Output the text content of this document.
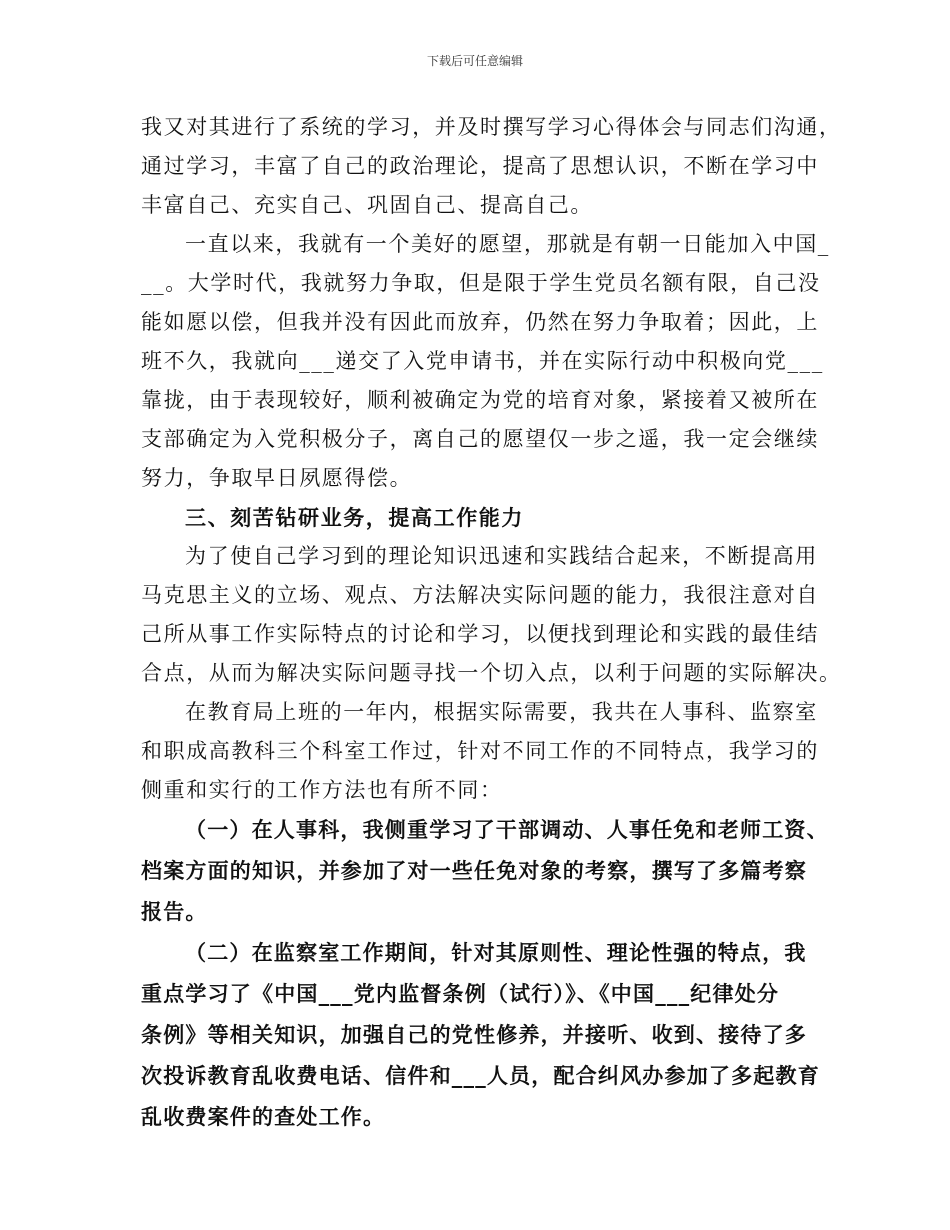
下载后可任意编辑
我又对其进行了系统的学习，并及时撰写学习心得体会与同志们沟通，
通过学习，丰富了自己的政治理论，提高了思想认识，不断在学习中
丰富自己、充实自己、巩固自己、提高自己。
一直以来，我就有一个美好的愿望，那就是有朝一日能加入中国_
__。大学时代，我就努力争取，但是限于学生党员名额有限，自己没
能如愿以偿，但我并没有因此而放弃，仍然在努力争取着；因此，上
班不久，我就向___递交了入党申请书，并在实际行动中积极向党___
靠拢，由于表现较好，顺利被确定为党的培育对象，紧接着又被所在
支部确定为入党积极分子，离自己的愿望仅一步之遥，我一定会继续
努力，争取早日夙愿得偿。
三、刻苦钻研业务，提高工作能力
为了使自己学习到的理论知识迅速和实践结合起来，不断提高用
马克思主义的立场、观点、方法解决实际问题的能力，我很注意对自
己所从事工作实际特点的讨论和学习，以便找到理论和实践的最佳结
合点，从而为解决实际问题寻找一个切入点，以利于问题的实际解决。
在教育局上班的一年内，根据实际需要，我共在人事科、监察室
和职成高教科三个科室工作过，针对不同工作的不同特点，我学习的
侧重和实行的工作方法也有所不同：
（一）在人事科，我侧重学习了干部调动、人事任免和老师工资、
档案方面的知识，并参加了对一些任免对象的考察，撰写了多篇考察
报告。
（二）在监察室工作期间，针对其原则性、理论性强的特点，我
重点学习了《中国___党内监督条例（试行）》、《中国___纪律处分
条例》等相关知识，加强自己的党性修养，并接听、收到、接待了多
次投诉教育乱收费电话、信件和___人员，配合纠风办参加了多起教育
乱收费案件的查处工作。
